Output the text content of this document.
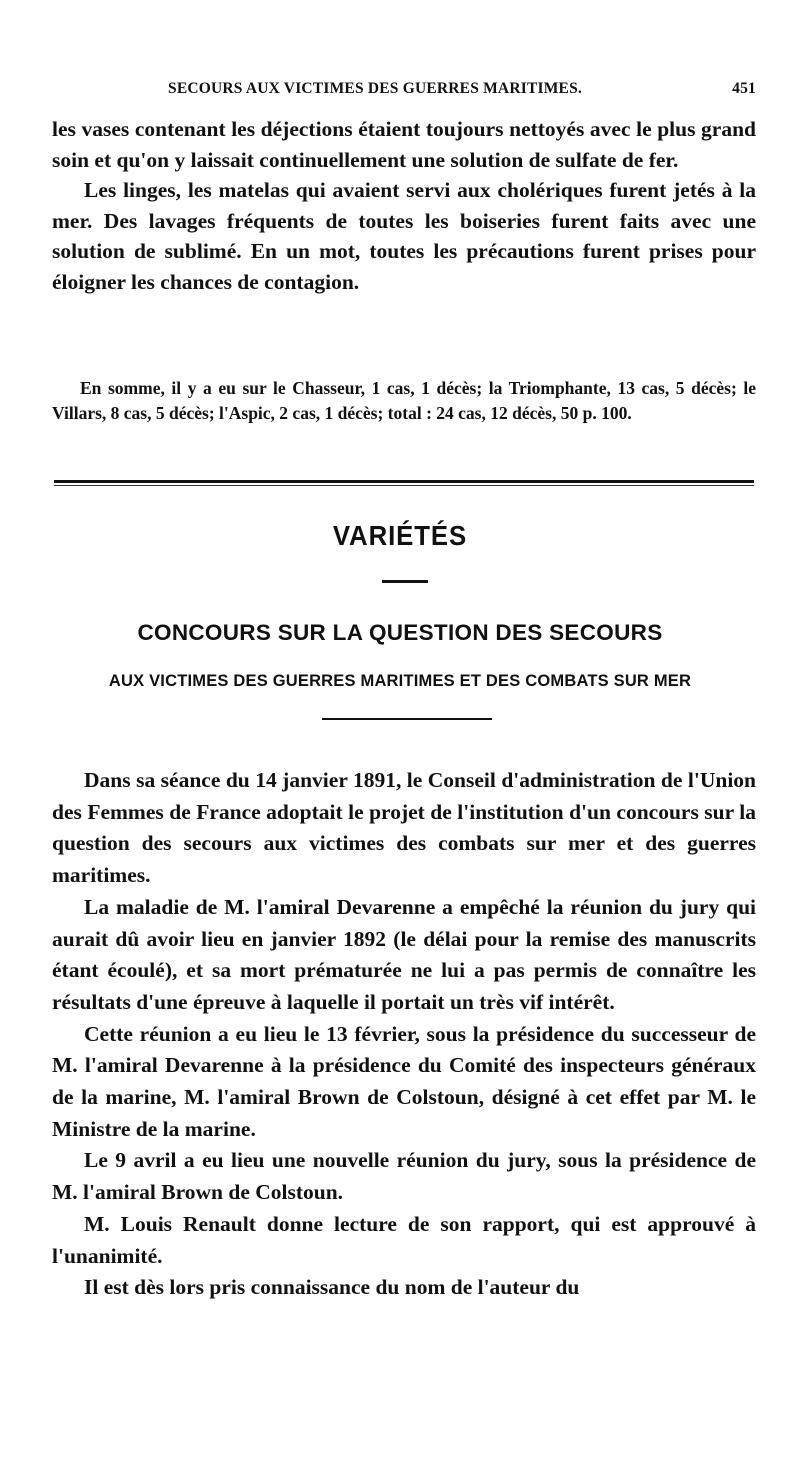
SECOURS AUX VICTIMES DES GUERRES MARITIMES.	451

les vases contenant les déjections étaient toujours nettoyés avec le plus grand soin et qu'on y laissait continuellement une solution de sulfate de fer.

Les linges, les matelas qui avaient servi aux cholériques furent jetés à la mer. Des lavages fréquents de toutes les boiseries furent faits avec une solution de sublimé. En un mot, toutes les précautions furent prises pour éloigner les chances de contagion.

En somme, il y a eu sur le Chasseur, 1 cas, 1 décès; la Triomphante, 13 cas, 5 décès; le Villars, 8 cas, 5 décès; l'Aspic, 2 cas, 1 décès; total : 24 cas, 12 décès, 50 p. 100.

VARIÉTÉS
CONCOURS SUR LA QUESTION DES SECOURS
AUX VICTIMES DES GUERRES MARITIMES ET DES COMBATS SUR MER

Dans sa séance du 14 janvier 1891, le Conseil d'administration de l'Union des Femmes de France adoptait le projet de l'institution d'un concours sur la question des secours aux victimes des combats sur mer et des guerres maritimes.

La maladie de M. l'amiral Devarenne a empêché la réunion du jury qui aurait dû avoir lieu en janvier 1892 (le délai pour la remise des manuscrits étant écoulé), et sa mort prématurée ne lui a pas permis de connaître les résultats d'une épreuve à laquelle il portait un très vif intérêt.

Cette réunion a eu lieu le 13 février, sous la présidence du successeur de M. l'amiral Devarenne à la présidence du Comité des inspecteurs généraux de la marine, M. l'amiral Brown de Colstoun, désigné à cet effet par M. le Ministre de la marine.

Le 9 avril a eu lieu une nouvelle réunion du jury, sous la présidence de M. l'amiral Brown de Colstoun.

M. Louis Renault donne lecture de son rapport, qui est approuvé à l'unanimité.

Il est dès lors pris connaissance du nom de l'auteur du
